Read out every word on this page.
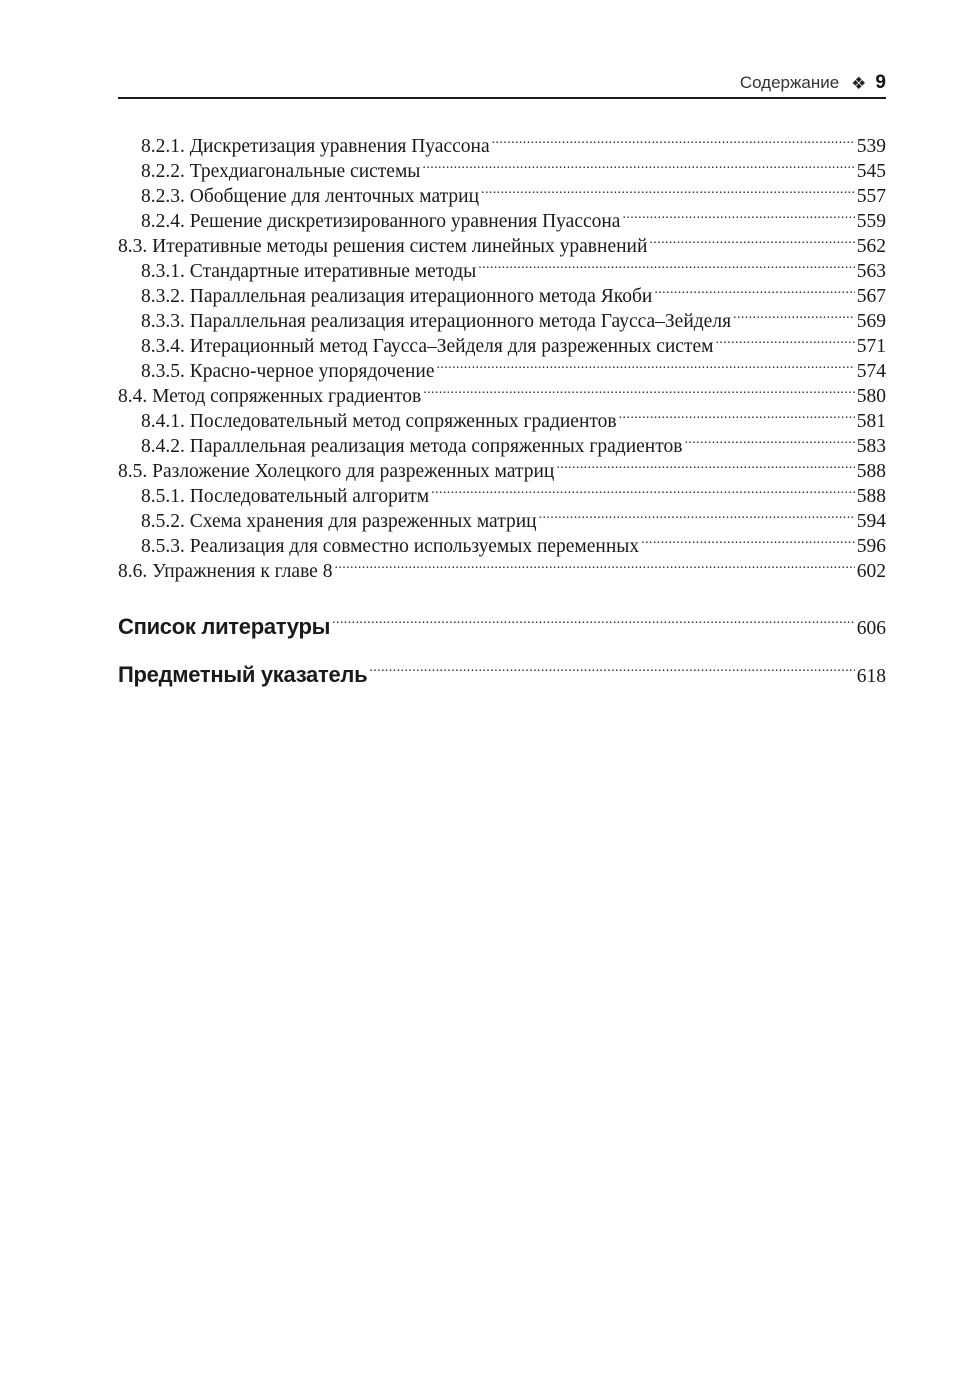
Содержание ❖ 9
8.2.1. Дискретизация уравнения Пуассона .....	539
8.2.2. Трехдиагональные системы .....	545
8.2.3. Обобщение для ленточных матриц .....	557
8.2.4. Решение дискретизированного уравнения Пуассона .....	559
8.3. Итеративные методы решения систем линейных уравнений .....	562
8.3.1. Стандартные итеративные методы .....	563
8.3.2. Параллельная реализация итерационного метода Якоби .....	567
8.3.3. Параллельная реализация итерационного метода Гаусса–Зейделя .....	569
8.3.4. Итерационный метод Гаусса–Зейделя для разреженных систем .....	571
8.3.5. Красно-черное упорядочение .....	574
8.4. Метод сопряженных градиентов .....	580
8.4.1. Последовательный метод сопряженных градиентов .....	581
8.4.2. Параллельная реализация метода сопряженных градиентов .....	583
8.5. Разложение Холецкого для разреженных матриц .....	588
8.5.1. Последовательный алгоритм .....	588
8.5.2. Схема хранения для разреженных матриц .....	594
8.5.3. Реализация для совместно используемых переменных .....	596
8.6. Упражнения к главе 8 .....	602
Список литературы .....	606
Предметный указатель .....	618
